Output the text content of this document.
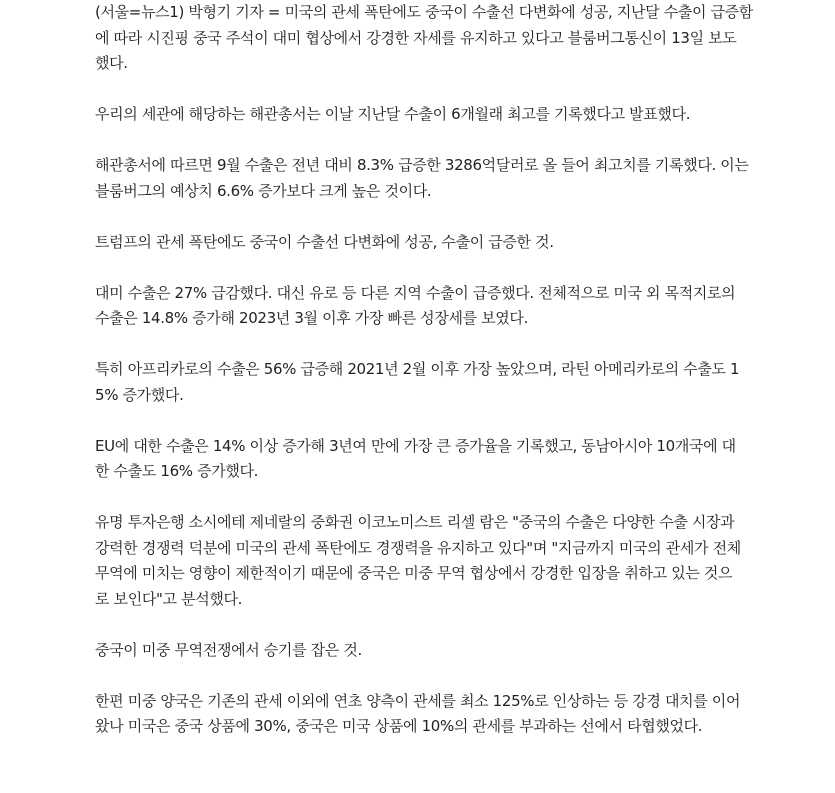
(서울=뉴스1) 박형기 기자 = 미국의 관세 폭탄에도 중국이 수출선 다변화에 성공, 지난달 수출이 급증함
에 따라 시진핑 중국 주석이 대미 협상에서 강경한 자세를 유지하고 있다고 블룸버그통신이 13일 보도
했다.

우리의 세관에 해당하는 해관총서는 이날 지난달 수출이 6개월래 최고를 기록했다고 발표했다.

해관총서에 따르면 9월 수출은 전년 대비 8.3% 급증한 3286억달러로 올 들어 최고치를 기록했다. 이는
블룸버그의 예상치 6.6% 증가보다 크게 높은 것이다.

트럼프의 관세 폭탄에도 중국이 수출선 다변화에 성공, 수출이 급증한 것.

대미 수출은 27% 급감했다. 대신 유로 등 다른 지역 수출이 급증했다. 전체적으로 미국 외 목적지로의
수출은 14.8% 증가해 2023년 3월 이후 가장 빠른 성장세를 보였다.

특히 아프리카로의 수출은 56% 급증해 2021년 2월 이후 가장 높았으며, 라틴 아메리카로의 수출도 1
5% 증가했다.

EU에 대한 수출은 14% 이상 증가해 3년여 만에 가장 큰 증가율을 기록했고, 동남아시아 10개국에 대
한 수출도 16% 증가했다.

유명 투자은행 소시에테 제네랄의 중화권 이코노미스트 리셀 람은 "중국의 수출은 다양한 수출 시장과
강력한 경쟁력 덕분에 미국의 관세 폭탄에도 경쟁력을 유지하고 있다"며 "지금까지 미국의 관세가 전체
무역에 미치는 영향이 제한적이기 때문에 중국은 미중 무역 협상에서 강경한 입장을 취하고 있는 것으
로 보인다"고 분석했다.

중국이 미중 무역전쟁에서 승기를 잡은 것.

한편 미중 양국은 기존의 관세 이외에 연초 양측이 관세를 최소 125%로 인상하는 등 강경 대치를 이어
왔나 미국은 중국 상품에 30%, 중국은 미국 상품에 10%의 관세를 부과하는 선에서 타협했었다.
